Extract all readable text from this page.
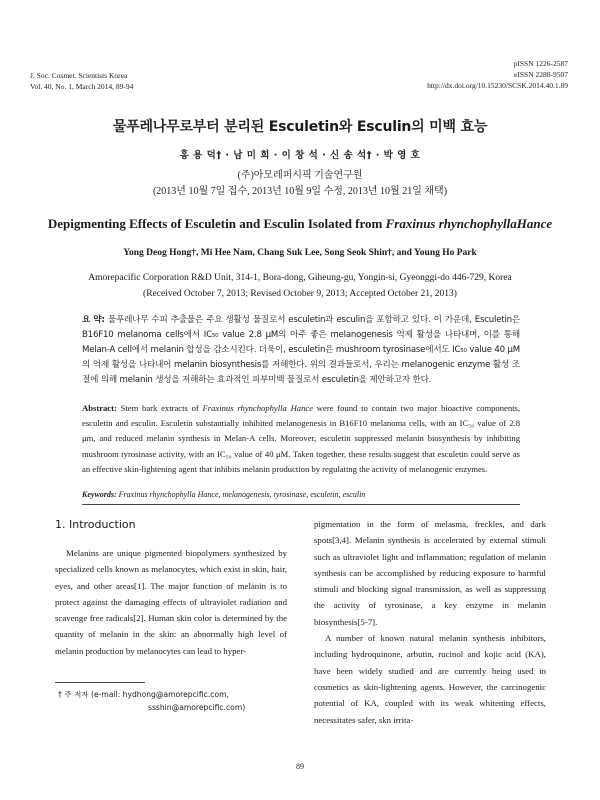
J. Soc. Cosmet. Scientists Korea
Vol. 40, No. 1, March 2014, 89-94
pISSN 1226-2587
eISSN 2288-9507
http://dx.doi.org/10.15230/SCSK.2014.40.1.89
물푸레나무로부터 분리된 Esculetin와 Esculin의 미백 효능
홍 용 덕† · 남 미 희 · 이 창 석 · 신 송 석† · 박 영 호
(주)아모레퍼시픽 기술연구원
(2013년 10월 7일 접수, 2013년 10월 9일 수정, 2013년 10월 21일 채택)
Depigmenting Effects of Esculetin and Esculin Isolated from Fraxinus rhynchophyllaHance
Yong Deog Hong†, Mi Hee Nam, Chang Suk Lee, Song Seok Shin†, and Young Ho Park
Amorepacific Corporation R&D Unit, 314-1, Bora-dong, Giheung-gu, Yongin-si, Gyeonggi-do 446-729, Korea
(Received October 7, 2013; Revised October 9, 2013; Accepted October 21, 2013)
요 약: 물푸레나무 수피 추출물은 주요 생활성 물질로서 esculetin과 esculin을 포함하고 있다. 이 가운데, Esculetin은 B16F10 melanoma cells에서 IC₅₀ value 2.8 μM의 아주 좋은 melanogenesis 억제 활성을 나타내며, 이를 통해 Melan-A cell에서 melanin 합성을 감소시킨다. 더욱이, esculetin은 mushroom tyrosinase에서도 IC₅₀ value 40 μM의 억제 활성을 나타내어 melanin biosynthesis를 저해한다. 위의 결과들로서, 우리는 melanogenic enzyme 활성 조절에 의해 melanin 생성을 저해하는 효과적인 피부미백 물질로서 esculetin을 제안하고자 한다.
Abstract: Stem bark extracts of Fraxinus rhynchophylla Hance were found to contain two major bioactive components, esculetin and esculin. Esculetin substantially inhibited melanogenesis in B16F10 melanoma cells, with an IC₅₀ value of 2.8 μm, and reduced melanin synthesis in Melan-A cells. Moreover, esculetin suppressed melanin biosynthesis by inhibiting mushroom tyrosinase activity, with an IC₅₀ value of 40 μM. Taken together, these results suggest that esculetin could serve as an effective skin-lightening agent that inhibits melanin production by regulating the activity of melanogenic enzymes.
Keywords: Fraxinus rhynchophylla Hance, melanogenesis, tyrosinase, esculetin, esculin
1. Introduction

Melanins are unique pigmented biopolymers synthesized by specialized cells known as melanocytes, which exist in skin, hair, eyes, and other areas[1]. The major function of melanin is to protect against the damaging effects of ultraviolet radiation and scavenge free radicals[2]. Human skin color is determined by the quantity of melanin in the skin: an abnormally high level of melanin production by melanocytes can lead to hyper-

pigmentation in the form of melasma, freckles, and dark spots[3,4]. Melanin synthesis is accelerated by external stimuli such as ultraviolet light and inflammation; regulation of melanin synthesis can be accomplished by reducing exposure to harmful stimuli and blocking signal transmission, as well as suppressing the activity of tyrosinase, a key enzyme in melanin biosynthesis[5-7].

A number of known natural melanin synthesis inhibitors, including hydroquinone, arbutin, rucinol and kojic acid (KA), have been widely studied and are currently being used in cosmetics as skin-lightening agents. However, the carcinogenic potential of KA, coupled with its weak whitening effects, necessitates safer, skn irrita-

† 주 저자 (e-mail: hydhong@amorepcific.com,
ssshin@amorepcific.com)
89
